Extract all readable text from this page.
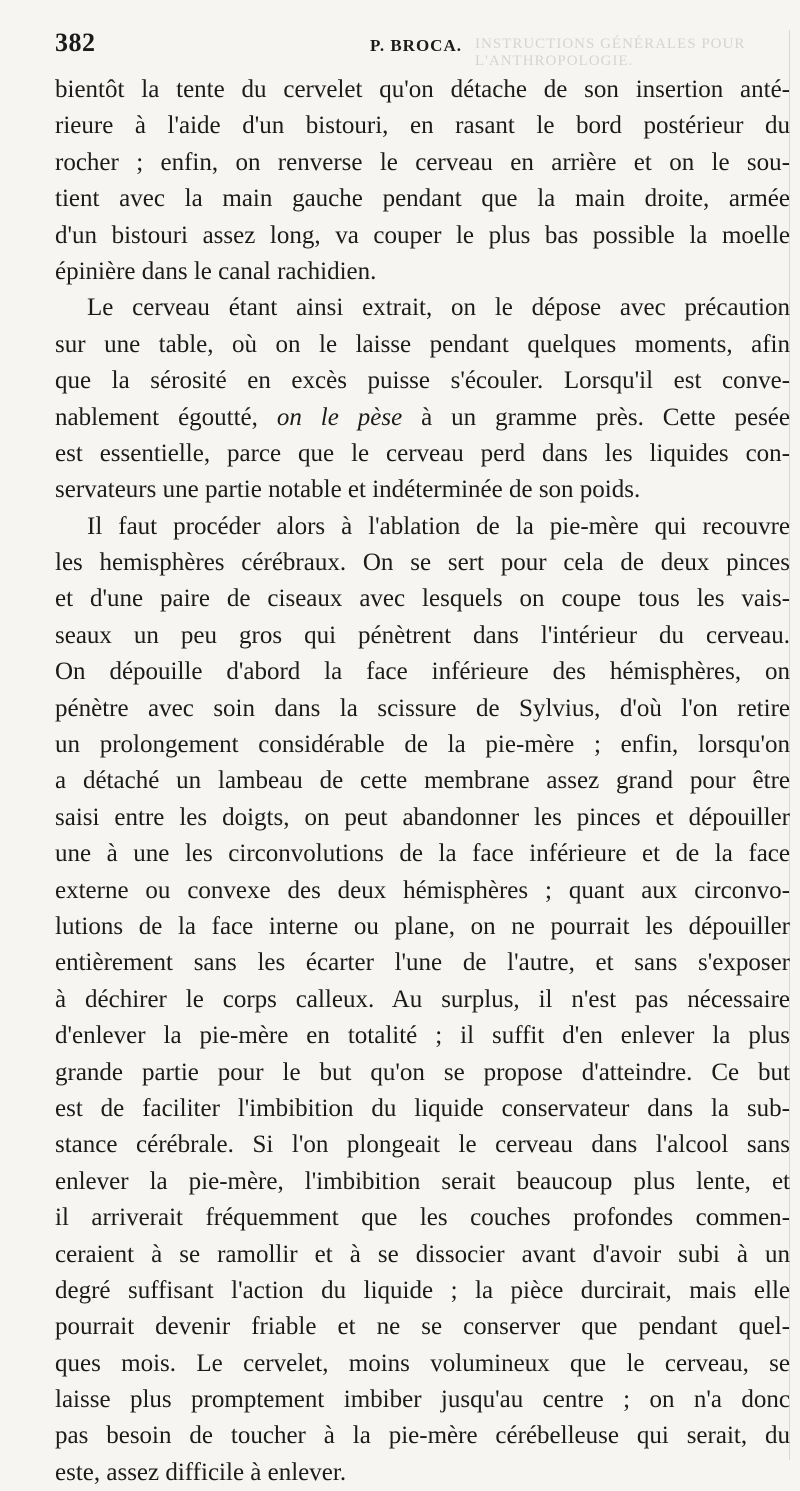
382	P. BROCA. INSTRUCTIONS GÉNÉRALES POUR L'ANTHROPOLOGIE.
bientôt la tente du cervelet qu'on détache de son insertion anté-
rieure à l'aide d'un bistouri, en rasant le bord postérieur du
rocher ; enfin, on renverse le cerveau en arrière et on le sou-
tient avec la main gauche pendant que la main droite, armée
d'un bistouri assez long, va couper le plus bas possible la moelle
épinière dans le canal rachidien.
Le cerveau étant ainsi extrait, on le dépose avec précaution
sur une table, où on le laisse pendant quelques moments, afin
que la sérosité en excès puisse s'écouler. Lorsqu'il est conve-
nablement égoutté, on le pèse à un gramme près. Cette pesée
est essentielle, parce que le cerveau perd dans les liquides con-
servateurs une partie notable et indéterminée de son poids.
Il faut procéder alors à l'ablation de la pie-mère qui recouvre
les hemisphères cérébraux. On se sert pour cela de deux pinces
et d'une paire de ciseaux avec lesquels on coupe tous les vais-
seaux un peu gros qui pénètrent dans l'intérieur du cerveau.
On dépouille d'abord la face inférieure des hémisphères, on
pénètre avec soin dans la scissure de Sylvius, d'où l'on retire
un prolongement considérable de la pie-mère ; enfin, lorsqu'on
a détaché un lambeau de cette membrane assez grand pour être
saisi entre les doigts, on peut abandonner les pinces et dépouiller
une à une les circonvolutions de la face inférieure et de la face
externe ou convexe des deux hémisphères ; quant aux circonvo-
lutions de la face interne ou plane, on ne pourrait les dépouiller
entièrement sans les écarter l'une de l'autre, et sans s'exposer
à déchirer le corps calleux. Au surplus, il n'est pas nécessaire
d'enlever la pie-mère en totalité ; il suffit d'en enlever la plus
grande partie pour le but qu'on se propose d'atteindre. Ce but
est de faciliter l'imbibition du liquide conservateur dans la sub-
stance cérébrale. Si l'on plongeait le cerveau dans l'alcool sans
enlever la pie-mère, l'imbibition serait beaucoup plus lente, et
il arriverait fréquemment que les couches profondes commen-
ceraient à se ramollir et à se dissocier avant d'avoir subi à un
degré suffisant l'action du liquide ; la pièce durcirait, mais elle
pourrait devenir friable et ne se conserver que pendant quel-
ques mois. Le cervelet, moins volumineux que le cerveau, se
laisse plus promptement imbiber jusqu'au centre ; on n'a donc
pas besoin de toucher à la pie-mère cérébelleuse qui serait, du
este, assez difficile à enlever.
